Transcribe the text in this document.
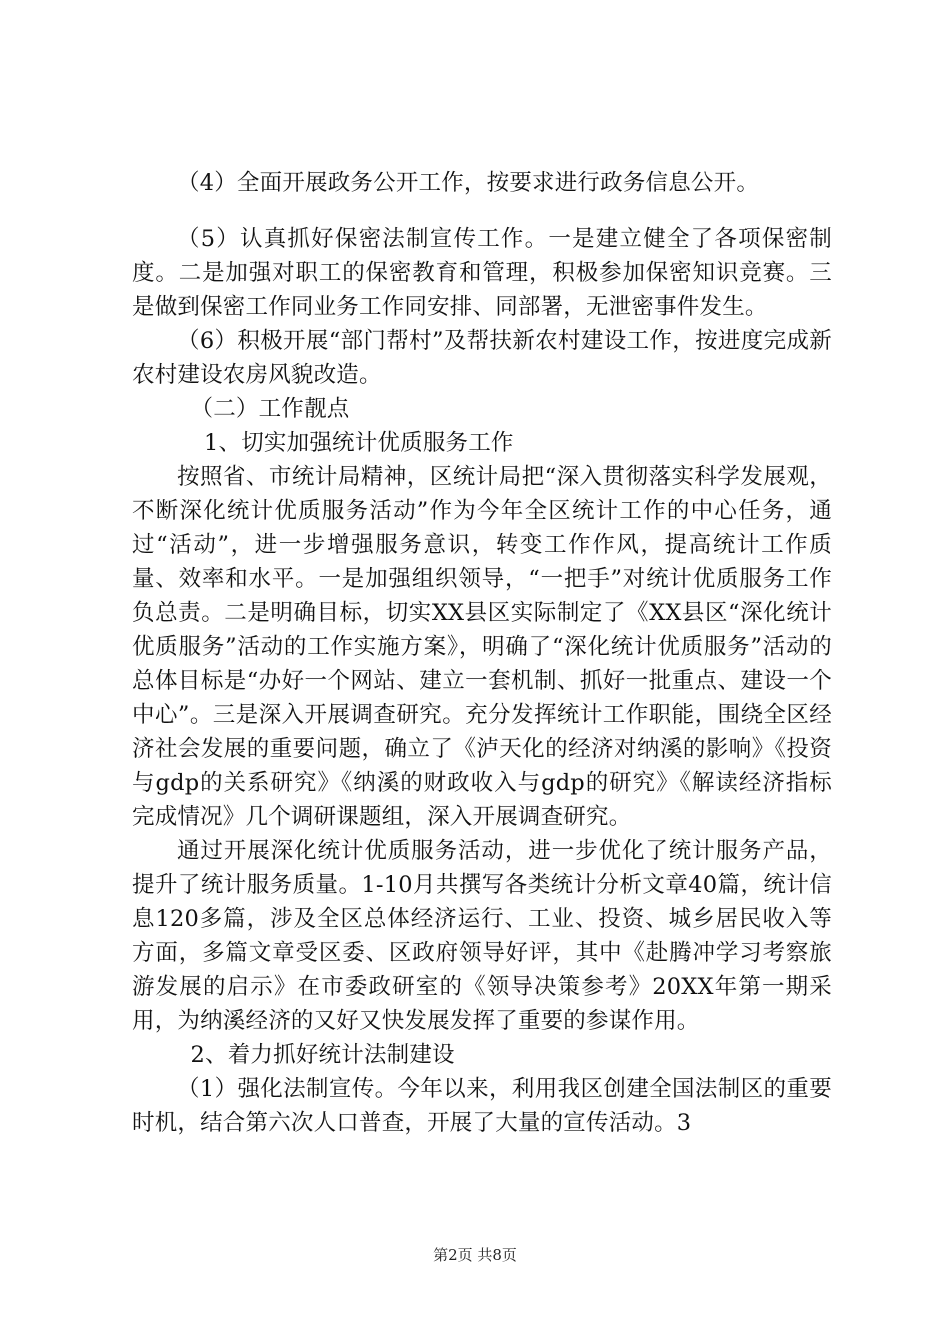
（4）全面开展政务公开工作，按要求进行政务信息公开。

（5）认真抓好保密法制宣传工作。一是建立健全了各项保密制度。二是加强对职工的保密教育和管理，积极参加保密知识竞赛。三是做到保密工作同业务工作同安排、同部署，无泄密事件发生。

（6）积极开展“部门帮村”及帮扶新农村建设工作，按进度完成新农村建设农房风貌改造。

（二）工作靓点

1、切实加强统计优质服务工作

按照省、市统计局精神，区统计局把“深入贯彻落实科学发展观，不断深化统计优质服务活动”作为今年全区统计工作的中心任务，通过“活动”，进一步增强服务意识，转变工作作风，提高统计工作质量、效率和水平。一是加强组织领导，“一把手”对统计优质服务工作负总责。二是明确目标，切实XX县区实际制定了《XX县区“深化统计优质服务”活动的工作实施方案》，明确了“深化统计优质服务”活动的总体目标是“办好一个网站、建立一套机制、抓好一批重点、建设一个中心”。三是深入开展调查研究。充分发挥统计工作职能，围绕全区经济社会发展的重要问题，确立了《泸天化的经济对纳溪的影响》《投资与gdp的关系研究》《纳溪的财政收入与gdp的研究》《解读经济指标完成情况》几个调研课题组，深入开展调查研究。

通过开展深化统计优质服务活动，进一步优化了统计服务产品，提升了统计服务质量。1-10月共撰写各类统计分析文章40篇，统计信息120多篇，涉及全区总体经济运行、工业、投资、城乡居民收入等方面，多篇文章受区委、区政府领导好评，其中《赴腾冲学习考察旅游发展的启示》在市委政研室的《领导决策参考》20XX年第一期采用，为纳溪经济的又好又快发展发挥了重要的参谋作用。

2、着力抓好统计法制建设

（1）强化法制宣传。今年以来，利用我区创建全国法制区的重要时机，结合第六次人口普查，开展了大量的宣传活动。3

第2页 共8页
